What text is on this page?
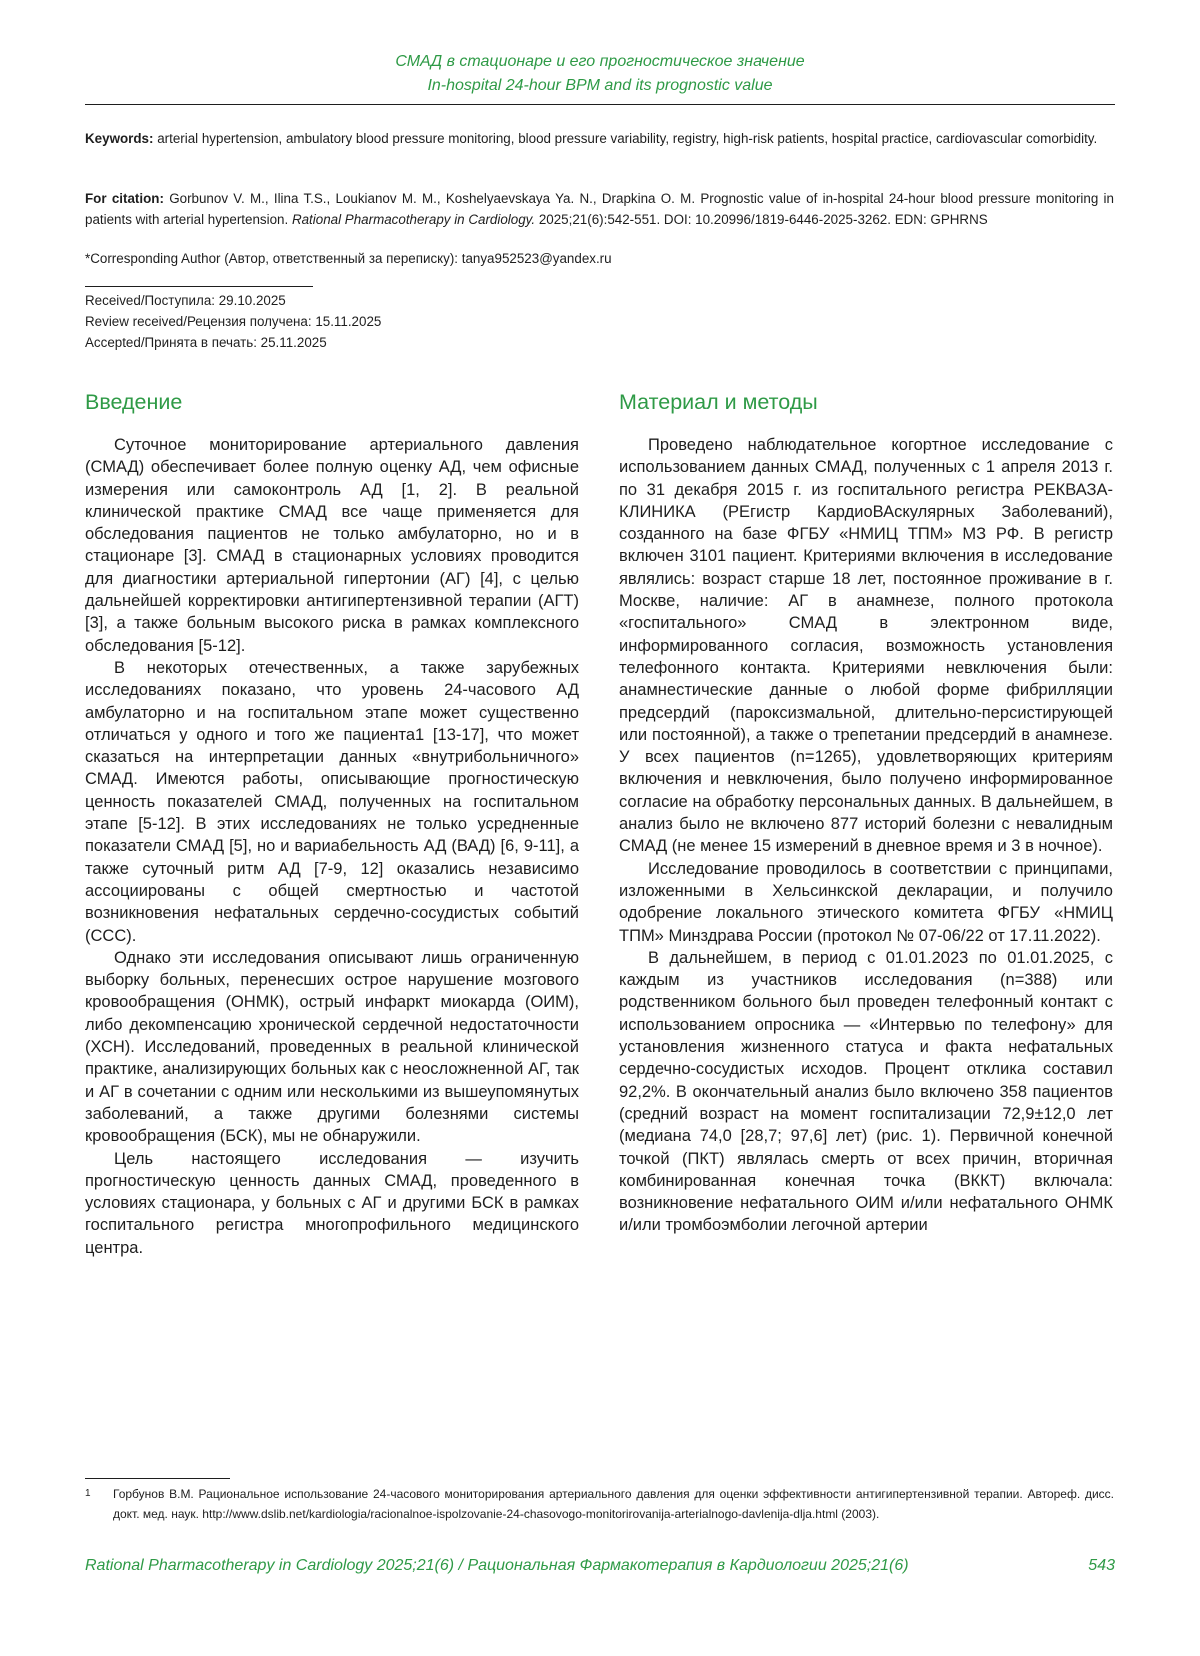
СМАД в стационаре и его прогностическое значение
In-hospital 24-hour BPM and its prognostic value
Keywords: arterial hypertension, ambulatory blood pressure monitoring, blood pressure variability, registry, high-risk patients, hospital practice, cardiovascular comorbidity.
For citation: Gorbunov V. M., Ilina T.S., Loukianov M. M., Koshelyaevskaya Ya. N., Drapkina O. M. Prognostic value of in-hospital 24-hour blood pressure monitoring in patients with arterial hypertension. Rational Pharmacotherapy in Cardiology. 2025;21(6):542-551. DOI: 10.20996/1819-6446-2025-3262. EDN: GPHRNS
*Corresponding Author (Автор, ответственный за переписку): tanya952523@yandex.ru
Received/Поступила: 29.10.2025
Review received/Рецензия получена: 15.11.2025
Accepted/Принята в печать: 25.11.2025
Введение

Суточное мониторирование артериального давления (СМАД) обеспечивает более полную оценку АД, чем офисные измерения или самоконтроль АД [1, 2]. В реальной клинической практике СМАД все чаще применяется для обследования пациентов не только амбулаторно, но и в стационаре [3]. СМАД в стационарных условиях проводится для диагностики артериальной гипертонии (АГ) [4], с целью дальнейшей корректировки антигипертензивной терапии (АГТ) [3], а также больным высокого риска в рамках комплексного обследования [5-12].

В некоторых отечественных, а также зарубежных исследованиях показано, что уровень 24-часового АД амбулаторно и на госпитальном этапе может существенно отличаться у одного и того же пациента1 [13-17], что может сказаться на интерпретации данных «внутрибольничного» СМАД. Имеются работы, описывающие прогностическую ценность показателей СМАД, полученных на госпитальном этапе [5-12]. В этих исследованиях не только усредненные показатели СМАД [5], но и вариабельность АД (ВАД) [6, 9-11], а также суточный ритм АД [7-9, 12] оказались независимо ассоциированы с общей смертностью и частотой возникновения нефатальных сердечно-сосудистых событий (ССС).

Однако эти исследования описывают лишь ограниченную выборку больных, перенесших острое нарушение мозгового кровообращения (ОНМК), острый инфаркт миокарда (ОИМ), либо декомпенсацию хронической сердечной недостаточности (ХСН). Исследований, проведенных в реальной клинической практике, анализирующих больных как с неосложненной АГ, так и АГ в сочетании с одним или несколькими из вышеупомянутых заболеваний, а также другими болезнями системы кровообращения (БСК), мы не обнаружили.

Цель настоящего исследования — изучить прогностическую ценность данных СМАД, проведенного в условиях стационара, у больных с АГ и другими БСК в рамках госпитального регистра многопрофильного медицинского центра.

Материал и методы

Проведено наблюдательное когортное исследование с использованием данных СМАД, полученных с 1 апреля 2013 г. по 31 декабря 2015 г. из госпитального регистра РЕКВАЗА-КЛИНИКА (РЕгистр КардиоВАскулярных Заболеваний), созданного на базе ФГБУ «НМИЦ ТПМ» МЗ РФ. В регистр включен 3101 пациент. Критериями включения в исследование являлись: возраст старше 18 лет, постоянное проживание в г. Москве, наличие: АГ в анамнезе, полного протокола «госпитального» СМАД в электронном виде, информированного согласия, возможность установления телефонного контакта. Критериями невключения были: анамнестические данные о любой форме фибрилляции предсердий (пароксизмальной, длительно-персистирующей или постоянной), а также о трепетании предсердий в анамнезе. У всех пациентов (n=1265), удовлетворяющих критериям включения и невключения, было получено информированное согласие на обработку персональных данных. В дальнейшем, в анализ было не включено 877 историй болезни с невалидным СМАД (не менее 15 измерений в дневное время и 3 в ночное).

Исследование проводилось в соответствии с принципами, изложенными в Хельсинкской декларации, и получило одобрение локального этического комитета ФГБУ «НМИЦ ТПМ» Минздрава России (протокол № 07-06/22 от 17.11.2022).

В дальнейшем, в период с 01.01.2023 по 01.01.2025, с каждым из участников исследования (n=388) или родственником больного был проведен телефонный контакт с использованием опросника — «Интервью по телефону» для установления жизненного статуса и факта нефатальных сердечно-сосудистых исходов. Процент отклика составил 92,2%. В окончательный анализ было включено 358 пациентов (средний возраст на момент госпитализации 72,9±12,0 лет (медиана 74,0 [28,7; 97,6] лет) (рис. 1). Первичной конечной точкой (ПКТ) являлась смерть от всех причин, вторичная комбинированная конечная точка (ВККТ) включала: возникновение нефатального ОИМ и/или нефатального ОНМК и/или тромбоэмболии легочной артерии

1	Горбунов В.М. Рациональное использование 24-часового мониторирования артериального давления для оценки эффективности антигипертензивной терапии. Автореф. дисс. докт. мед. наук. http://www.dslib.net/kardiologia/racionalnoe-ispolzovanie-24-chasovogo-monitorirovanija-arterialnogo-davlenija-dlja.html (2003).
Rational Pharmacotherapy in Cardiology 2025;21(6) / Рациональная Фармакотерапия в Кардиологии 2025;21(6)	543
